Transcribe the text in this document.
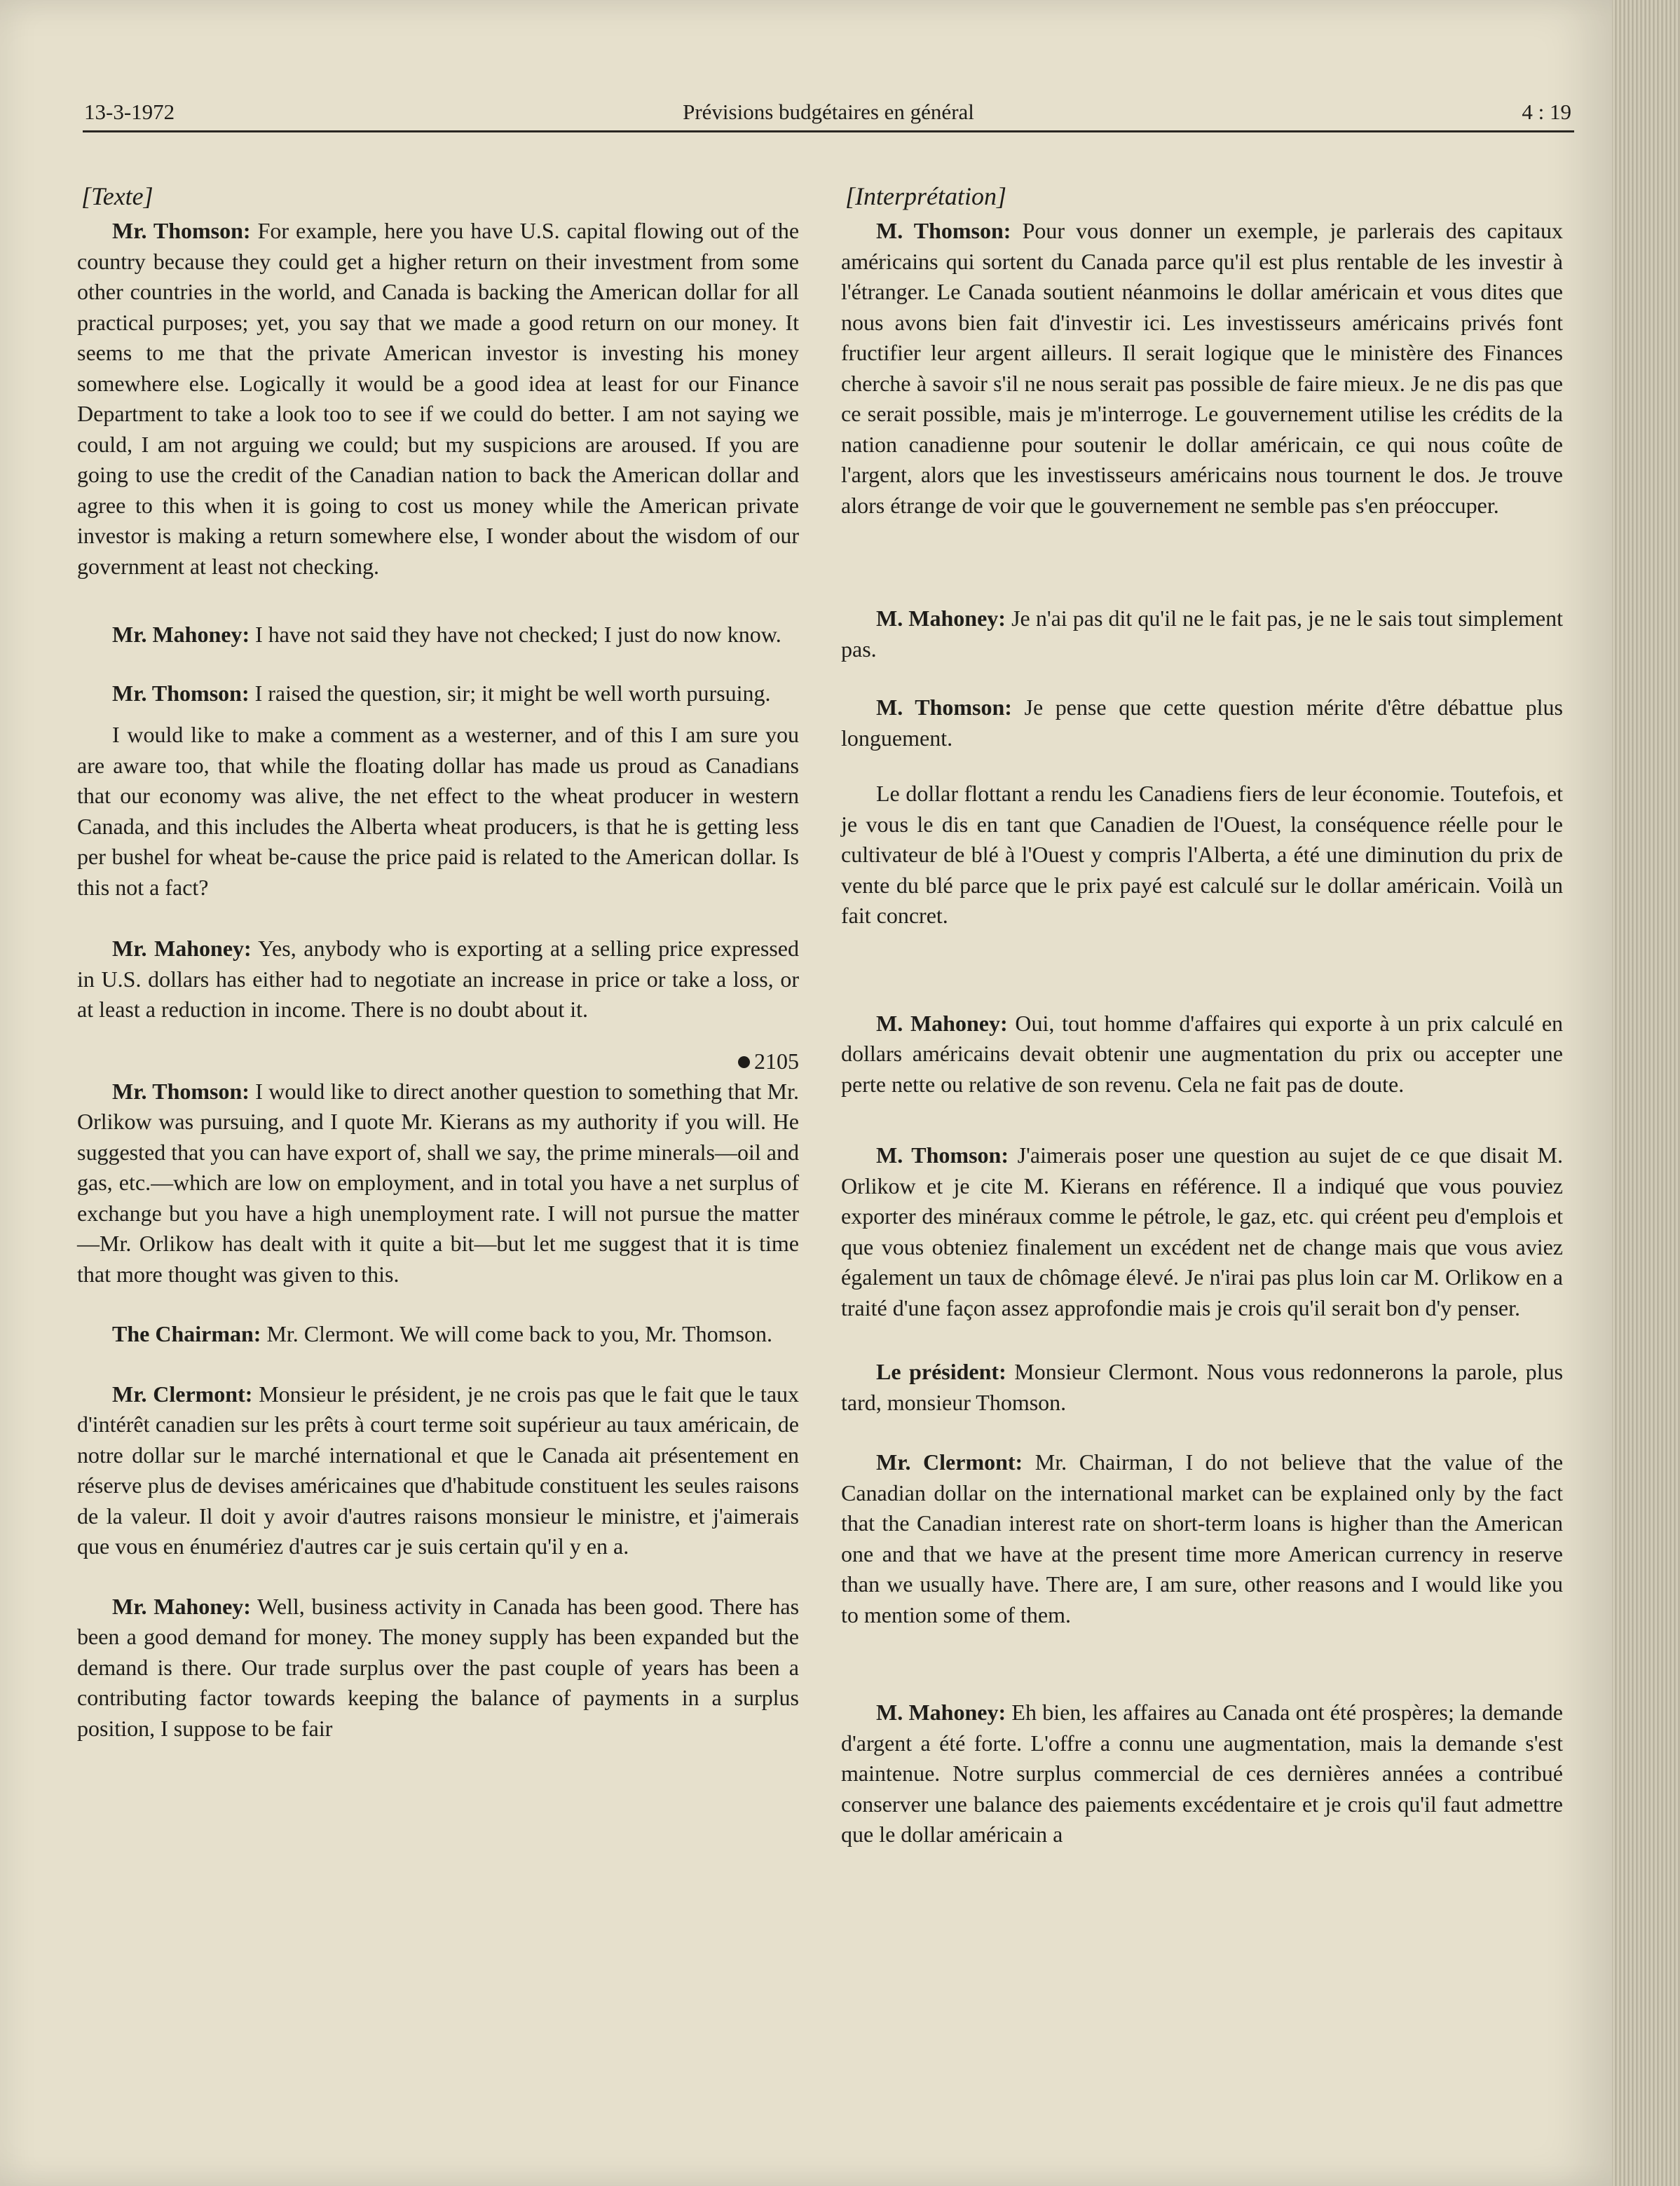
13-3-1972	Prévisions budgétaires en général	4 : 19
[Texte]

Mr. Thomson: For example, here you have U.S. capital flowing out of the country because they could get a higher return on their investment from some other countries in the world, and Canada is backing the American dollar for all practical purposes; yet, you say that we made a good return on our money. It seems to me that the private American investor is investing his money somewhere else. Logically it would be a good idea at least for our Finance Department to take a look too to see if we could do better. I am not saying we could, I am not arguing we could; but my suspicions are aroused. If you are going to use the credit of the Canadian nation to back the American dollar and agree to this when it is going to cost us money while the American private investor is making a return somewhere else, I wonder about the wisdom of our government at least not checking.

Mr. Mahoney: I have not said they have not checked; I just do now know.

Mr. Thomson: I raised the question, sir; it might be well worth pursuing.

I would like to make a comment as a westerner, and of this I am sure you are aware too, that while the floating dollar has made us proud as Canadians that our economy was alive, the net effect to the wheat producer in western Canada, and this includes the Alberta wheat producers, is that he is getting less per bushel for wheat be-cause the price paid is related to the American dollar. Is this not a fact?

Mr. Mahoney: Yes, anybody who is exporting at a selling price expressed in U.S. dollars has either had to negotiate an increase in price or take a loss, or at least a reduction in income. There is no doubt about it.

2105

Mr. Thomson: I would like to direct another question to something that Mr. Orlikow was pursuing, and I quote Mr. Kierans as my authority if you will. He suggested that you can have export of, shall we say, the prime minerals—oil and gas, etc.—which are low on employment, and in total you have a net surplus of exchange but you have a high unemployment rate. I will not pursue the matter—Mr. Orlikow has dealt with it quite a bit—but let me suggest that it is time that more thought was given to this.

The Chairman: Mr. Clermont. We will come back to you, Mr. Thomson.

Mr. Clermont: Monsieur le président, je ne crois pas que le fait que le taux d'intérêt canadien sur les prêts à court terme soit supérieur au taux américain, de notre dollar sur le marché international et que le Canada ait présentement en réserve plus de devises américaines que d'habitude constituent les seules raisons de la valeur. Il doit y avoir d'autres raisons monsieur le ministre, et j'aimerais que vous en énumériez d'autres car je suis certain qu'il y en a.

Mr. Mahoney: Well, business activity in Canada has been good. There has been a good demand for money. The money supply has been expanded but the demand is there. Our trade surplus over the past couple of years has been a contributing factor towards keeping the balance of payments in a surplus position, I suppose to be fair

[Interprétation]

M. Thomson: Pour vous donner un exemple, je parlerais des capitaux américains qui sortent du Canada parce qu'il est plus rentable de les investir à l'étranger. Le Canada soutient néanmoins le dollar américain et vous dites que nous avons bien fait d'investir ici. Les investisseurs américains privés font fructifier leur argent ailleurs. Il serait logique que le ministère des Finances cherche à savoir s'il ne nous serait pas possible de faire mieux. Je ne dis pas que ce serait possible, mais je m'interroge. Le gouvernement utilise les crédits de la nation canadienne pour soutenir le dollar américain, ce qui nous coûte de l'argent, alors que les investisseurs américains nous tournent le dos. Je trouve alors étrange de voir que le gouvernement ne semble pas s'en préoccuper.

M. Mahoney: Je n'ai pas dit qu'il ne le fait pas, je ne le sais tout simplement pas.

M. Thomson: Je pense que cette question mérite d'être débattue plus longuement.

Le dollar flottant a rendu les Canadiens fiers de leur économie. Toutefois, et je vous le dis en tant que Canadien de l'Ouest, la conséquence réelle pour le cultivateur de blé à l'Ouest y compris l'Alberta, a été une diminution du prix de vente du blé parce que le prix payé est calculé sur le dollar américain. Voilà un fait concret.

M. Mahoney: Oui, tout homme d'affaires qui exporte à un prix calculé en dollars américains devait obtenir une augmentation du prix ou accepter une perte nette ou relative de son revenu. Cela ne fait pas de doute.

M. Thomson: J'aimerais poser une question au sujet de ce que disait M. Orlikow et je cite M. Kierans en référence. Il a indiqué que vous pouviez exporter des minéraux comme le pétrole, le gaz, etc. qui créent peu d'emplois et que vous obteniez finalement un excédent net de change mais que vous aviez également un taux de chômage élevé. Je n'irai pas plus loin car M. Orlikow en a traité d'une façon assez approfondie mais je crois qu'il serait bon d'y penser.

Le président: Monsieur Clermont. Nous vous redonnerons la parole, plus tard, monsieur Thomson.

Mr. Clermont: Mr. Chairman, I do not believe that the value of the Canadian dollar on the international market can be explained only by the fact that the Canadian interest rate on short-term loans is higher than the American one and that we have at the present time more American currency in reserve than we usually have. There are, I am sure, other reasons and I would like you to mention some of them.

M. Mahoney: Eh bien, les affaires au Canada ont été prospères; la demande d'argent a été forte. L'offre a connu une augmentation, mais la demande s'est maintenue. Notre surplus commercial de ces dernières années a contribué conserver une balance des paiements excédentaire et je crois qu'il faut admettre que le dollar américain a
